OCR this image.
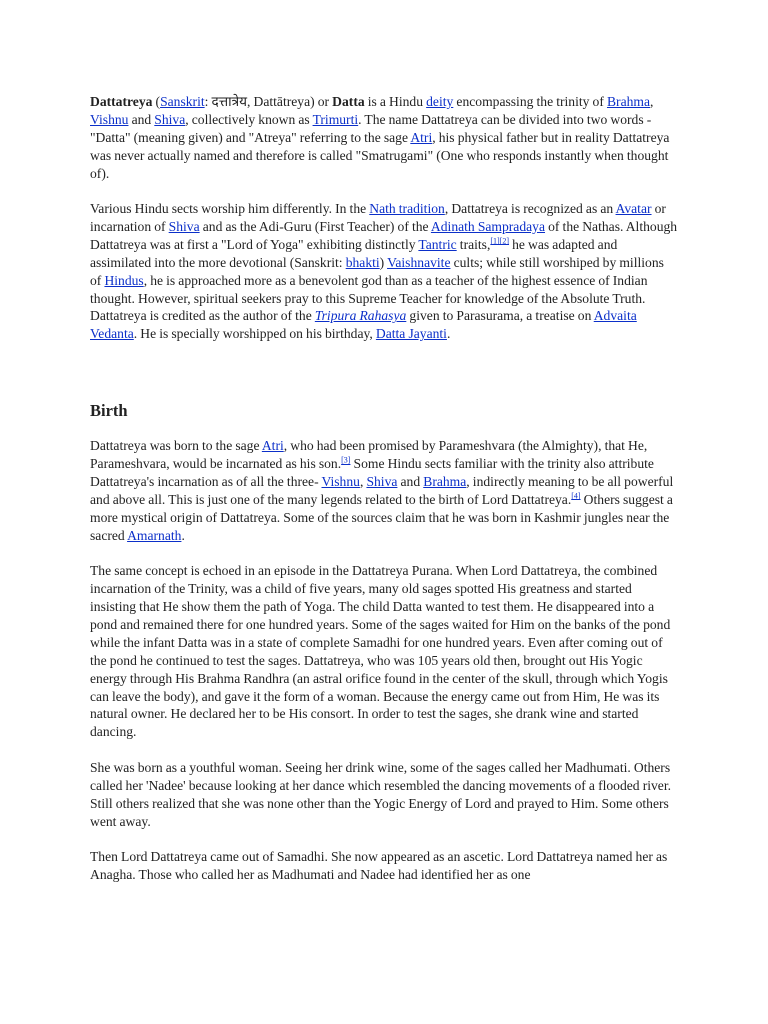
Dattatreya (Sanskrit: दत्तात्रेय, Dattātreya) or Datta is a Hindu deity encompassing the trinity of Brahma, Vishnu and Shiva, collectively known as Trimurti. The name Dattatreya can be divided into two words - "Datta" (meaning given) and "Atreya" referring to the sage Atri, his physical father but in reality Dattatreya was never actually named and therefore is called "Smatrugami" (One who responds instantly when thought of).

Various Hindu sects worship him differently. In the Nath tradition, Dattatreya is recognized as an Avatar or incarnation of Shiva and as the Adi-Guru (First Teacher) of the Adinath Sampradaya of the Nathas. Although Dattatreya was at first a "Lord of Yoga" exhibiting distinctly Tantric traits,[1][2] he was adapted and assimilated into the more devotional (Sanskrit: bhakti) Vaishnavite cults; while still worshiped by millions of Hindus, he is approached more as a benevolent god than as a teacher of the highest essence of Indian thought. However, spiritual seekers pray to this Supreme Teacher for knowledge of the Absolute Truth. Dattatreya is credited as the author of the Tripura Rahasya given to Parasurama, a treatise on Advaita Vedanta. He is specially worshipped on his birthday, Datta Jayanti.

Birth

Dattatreya was born to the sage Atri, who had been promised by Parameshvara (the Almighty), that He, Parameshvara, would be incarnated as his son.[3] Some Hindu sects familiar with the trinity also attribute Dattatreya's incarnation as of all the three- Vishnu, Shiva and Brahma, indirectly meaning to be all powerful and above all. This is just one of the many legends related to the birth of Lord Dattatreya.[4] Others suggest a more mystical origin of Dattatreya. Some of the sources claim that he was born in Kashmir jungles near the sacred Amarnath.

The same concept is echoed in an episode in the Dattatreya Purana. When Lord Dattatreya, the combined incarnation of the Trinity, was a child of five years, many old sages spotted His greatness and started insisting that He show them the path of Yoga. The child Datta wanted to test them. He disappeared into a pond and remained there for one hundred years. Some of the sages waited for Him on the banks of the pond while the infant Datta was in a state of complete Samadhi for one hundred years. Even after coming out of the pond he continued to test the sages. Dattatreya, who was 105 years old then, brought out His Yogic energy through His Brahma Randhra (an astral orifice found in the center of the skull, through which Yogis can leave the body), and gave it the form of a woman. Because the energy came out from Him, He was its natural owner. He declared her to be His consort. In order to test the sages, she drank wine and started dancing.

She was born as a youthful woman. Seeing her drink wine, some of the sages called her Madhumati. Others called her 'Nadee' because looking at her dance which resembled the dancing movements of a flooded river. Still others realized that she was none other than the Yogic Energy of Lord and prayed to Him. Some others went away.

Then Lord Dattatreya came out of Samadhi. She now appeared as an ascetic. Lord Dattatreya named her as Anagha. Those who called her as Madhumati and Nadee had identified her as one
